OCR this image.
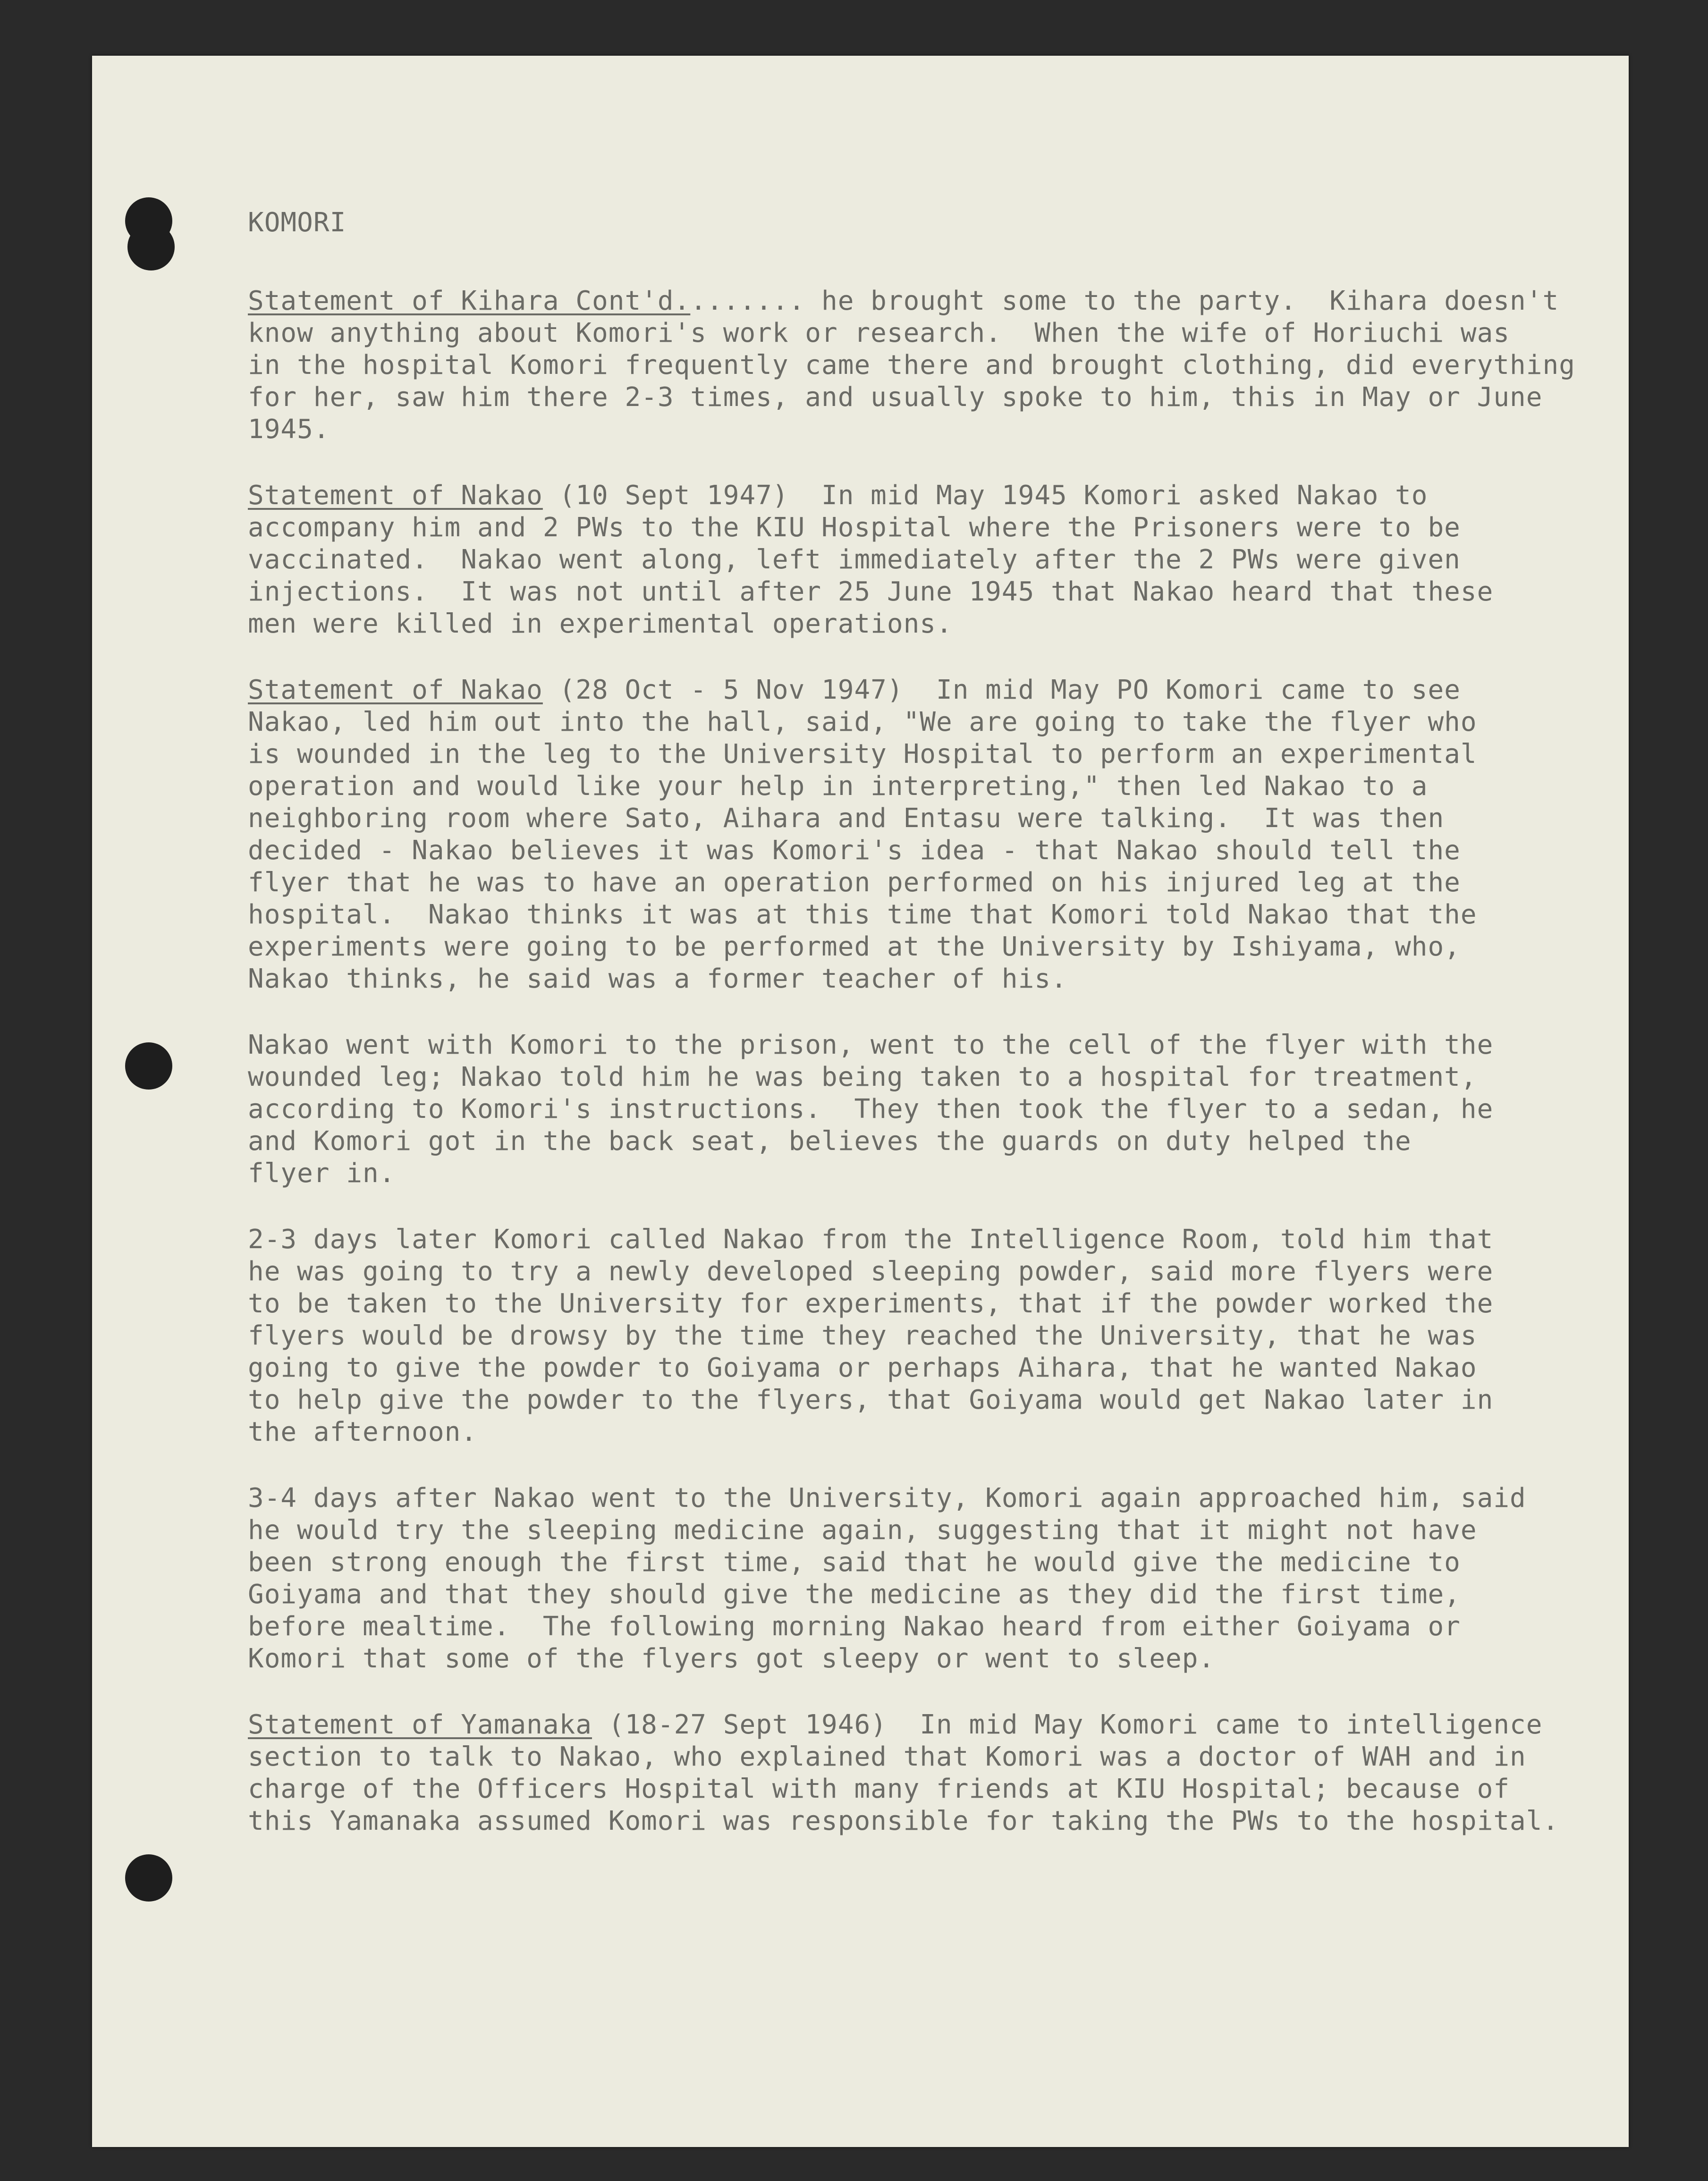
KOMORI
Statement of Kihara Cont'd........ he brought some to the party.  Kihara doesn't
know anything about Komori's work or research.  When the wife of Horiuchi was
in the hospital Komori frequently came there and brought clothing, did everything
for her, saw him there 2-3 times, and usually spoke to him, this in May or June
1945.
Statement of Nakao (10 Sept 1947)  In mid May 1945 Komori asked Nakao to
accompany him and 2 PWs to the KIU Hospital where the Prisoners were to be
vaccinated.  Nakao went along, left immediately after the 2 PWs were given
injections.  It was not until after 25 June 1945 that Nakao heard that these
men were killed in experimental operations.
Statement of Nakao (28 Oct - 5 Nov 1947)  In mid May PO Komori came to see
Nakao, led him out into the hall, said, "We are going to take the flyer who
is wounded in the leg to the University Hospital to perform an experimental
operation and would like your help in interpreting," then led Nakao to a
neighboring room where Sato, Aihara and Entasu were talking.  It was then
decided - Nakao believes it was Komori's idea - that Nakao should tell the
flyer that he was to have an operation performed on his injured leg at the
hospital.  Nakao thinks it was at this time that Komori told Nakao that the
experiments were going to be performed at the University by Ishiyama, who,
Nakao thinks, he said was a former teacher of his.
Nakao went with Komori to the prison, went to the cell of the flyer with the
wounded leg; Nakao told him he was being taken to a hospital for treatment,
according to Komori's instructions.  They then took the flyer to a sedan, he
and Komori got in the back seat, believes the guards on duty helped the
flyer in.
2-3 days later Komori called Nakao from the Intelligence Room, told him that
he was going to try a newly developed sleeping powder, said more flyers were
to be taken to the University for experiments, that if the powder worked the
flyers would be drowsy by the time they reached the University, that he was
going to give the powder to Goiyama or perhaps Aihara, that he wanted Nakao
to help give the powder to the flyers, that Goiyama would get Nakao later in
the afternoon.
3-4 days after Nakao went to the University, Komori again approached him, said
he would try the sleeping medicine again, suggesting that it might not have
been strong enough the first time, said that he would give the medicine to
Goiyama and that they should give the medicine as they did the first time,
before mealtime.  The following morning Nakao heard from either Goiyama or
Komori that some of the flyers got sleepy or went to sleep.
Statement of Yamanaka (18-27 Sept 1946)  In mid May Komori came to intelligence
section to talk to Nakao, who explained that Komori was a doctor of WAH and in
charge of the Officers Hospital with many friends at KIU Hospital; because of
this Yamanaka assumed Komori was responsible for taking the PWs to the hospital.
